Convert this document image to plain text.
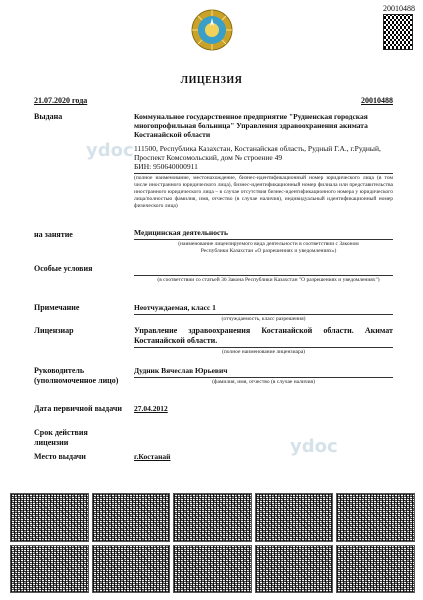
20010488
ЛИЦЕНЗИЯ
21.07.2020 года	20010488
Выдана	Коммунальное государственное предприятие "Рудненская городская многопрофильная больница" Управления здравоохранения акимата Костанайской области
111500, Республика Казахстан, Костанайская область, Рудный Г.А., г.Рудный, Проспект Комсомольский, дом № строение 49
БИН: 950640000911
(полное наименование, местонахождение, бизнес-идентификационный номер юридического лица (в том числе иностранного юридического лица), бизнес-идентификационный номер филиала или представительства иностранного юридического лица – в случае отсутствия бизнес-идентификационного номера у юридического лица/полностью фамилия, имя, отчество (в случае наличия), индивидуальный идентификационный номер физического лица)
на занятие	Медицинская деятельность
(наименование лицензируемого вида деятельности в соответствии с Законом Республики Казахстан «О разрешениях и уведомлениях»)
Особые условия
(в соответствии со статьей 36 Закона Республики Казахстан "О разрешениях и уведомлениях")
Примечание	Неотчуждаемая, класс 1
(отчуждаемость, класс разрешения)
Лицензиар	Управление здравоохранения Костанайской области. Акимат Костанайской области.
(полное наименование лицензиара)
Руководитель
(уполномоченное лицо)
Дудник Вячеслав Юрьевич
(фамилия, имя, отчество (в случае наличия)
Дата первичной выдачи 27.04.2012
Срок действия
лицензии
Место выдачи	г.Костанай
ydoc
ydoc
